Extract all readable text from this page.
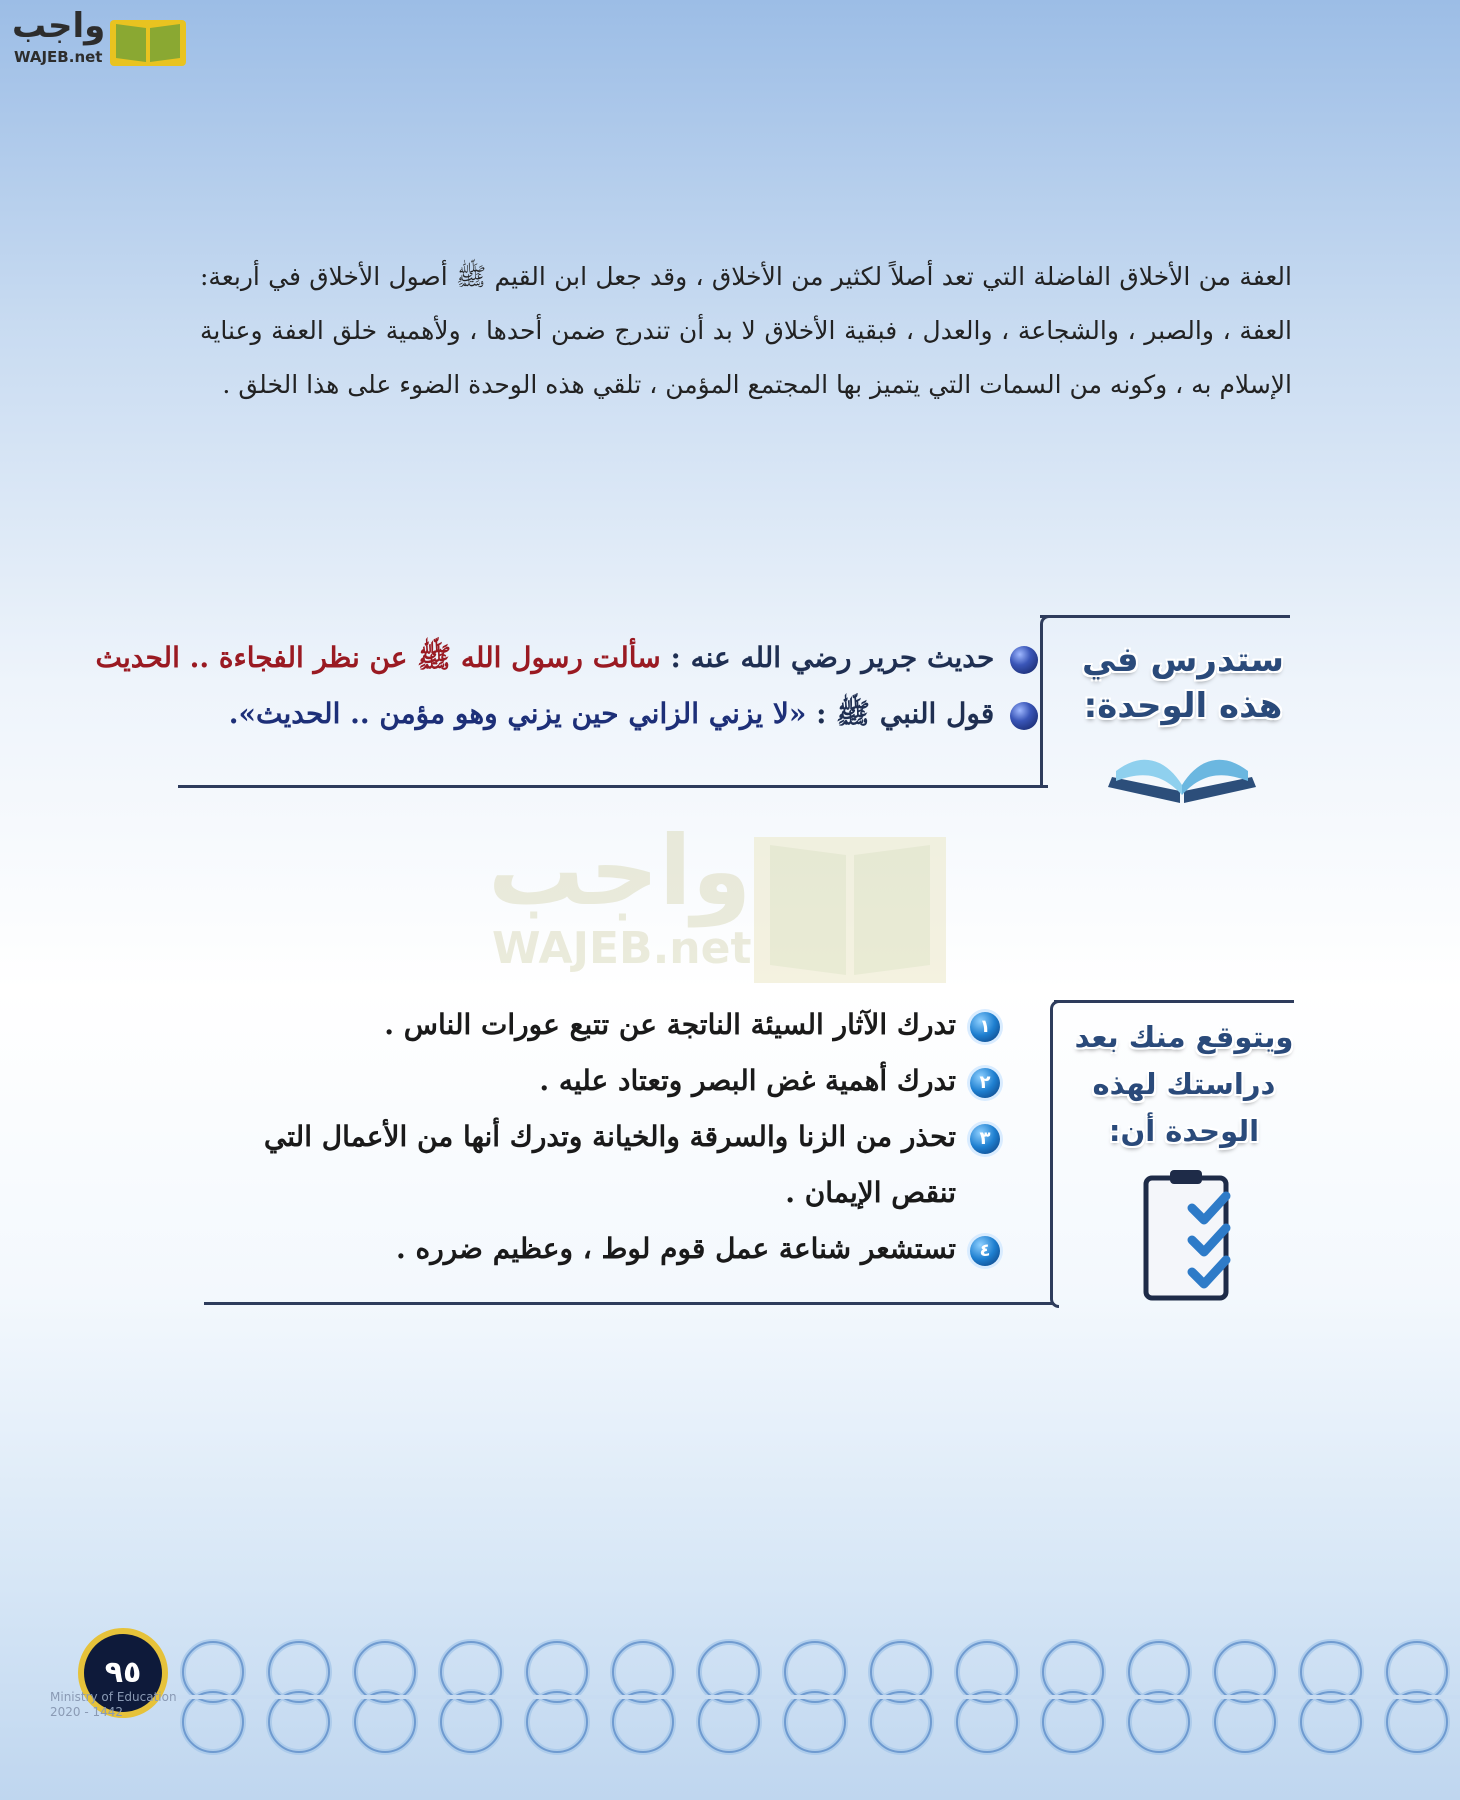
واجب
WAJEB.net
العفة من الأخلاق الفاضلة التي تعد أصلاً لكثير من الأخلاق ، وقد جعل ابن القيم ﷺ أصول الأخلاق في أربعة: العفة ، والصبر ، والشجاعة ، والعدل ، فبقية الأخلاق لا بد أن تندرج ضمن أحدها ، ولأهمية خلق العفة وعناية الإسلام به ، وكونه من السمات التي يتميز بها المجتمع المؤمن ، تلقي هذه الوحدة الضوء على هذا الخلق .
ستدرس في
هذه الوحدة:
حديث جرير رضي الله عنه : سألت رسول الله ﷺ عن نظر الفجاءة .. الحديث
قول النبي ﷺ : «لا يزني الزاني حين يزني وهو مؤمن .. الحديث».
واجب
WAJEB.net
ويتوقع منك بعد
دراستك لهذه
الوحدة أن:
١تدرك الآثار السيئة الناتجة عن تتبع عورات الناس .
٢تدرك أهمية غض البصر وتعتاد عليه .
٣تحذر من الزنا والسرقة والخيانة وتدرك أنها من الأعمال التي
تنقص الإيمان .
٤تستشعر شناعة عمل قوم لوط ، وعظيم ضرره .
٩٥
Ministry of Education
2020 - 1442
